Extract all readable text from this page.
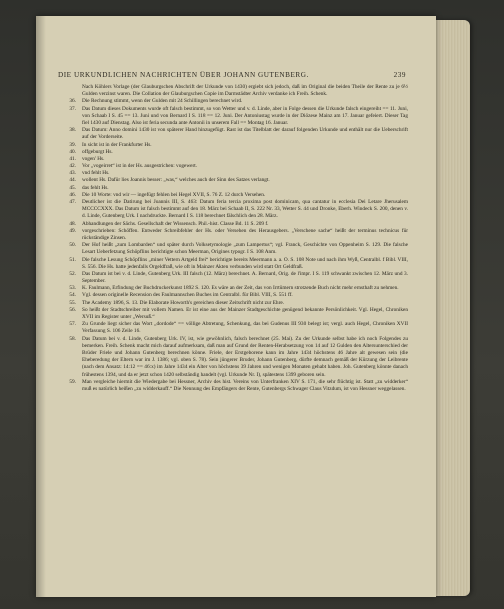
DIE URKUNDLICHEN NACHRICHTEN ÜBER JOHANN GUTENBERG.	239

Nach Köhlers Vorlage (der Glauburgschen Abschrift der Urkunde von 1430) ergiebt sich jedoch, daß im Original die beiden Theile der Rente zu je 6½ Gulden verzinst waren. Die Collation der Glauburgschen Copie im Darmstädter Archiv verdanke ich Freih. Schenk.

36. Die Rechnung stimmt, wenn der Gulden mit 24 Schillingen berechnet wird.

37. Das Datum dieses Dokuments wurde oft falsch bestimmt, so von Wetter und v. d. Linde, aber in Folge dessen die Urkunde falsch eingereiht == 11. Juni, von Schaab I S. 45 == 13. Juni und von Bernard I S. 118 == 12. Juni. Der Antoniustag wurde in der Diözese Mainz am 17. Januar gefeiert. Dieser Tag fiel 1430 auf Dienstag. Also ist feria secunda ante Antonii in unserem Fall == Montag 16. Januar.

38. Das Datum: Anno domini 1430 ist von späterer Hand hinzugefügt. Rast ist das Titelblatt der darauf folgenden Urkunde und enthält nur die Ueberschrift auf der Vorderseite.

39. In sicht ist in der Frankfurter Hs.

40. offgeburgt Hs.

41. vogen' Hs.

42. Vor „vogeirret“ ist in der Hs. ausgestrichen: vogewert.

43. vnd fehlt Hs.

44. wollent Hs. Dafür lies Joannis besser: „was,“ welches auch der Sinn des Satzes verlangt.

45. das fehlt Hs.

46. Die 10 Worte: vnd wir — ingefügt fehlen bei Hegel XVII, S. 76 Z. 12 durch Versehen.

47. Deutlicher ist die Datirung bei Joannis III, S. 463: Datum feria tercia proxima post dominicam, qua cantatur in ecclesia Dei Letare Jherusalem MCCCCXXX. Das Datum ist falsch bestimmt auf den 18. März bei Schaab II, S. 222 Nr. 33, Wetter S. 44 und Dronke, Eberh. Windeck S. 200, denen v. d. Linde, Gutenberg Urk. I nachdruckte. Bernard I S. 118 berechnet fälschlich den 28. März.

48. Abhandlungen der Sächs. Gesellschaft der Wissensch. Phil.-hist. Classe Bd. 11 S. 209 f.

49. vorgeschrieben: Schöffen. Entweder Schreibfehler der Hs. oder Versehen des Herausgebers. „Verschene sache“ heißt der terminus technicus für rückständige Zinsen.

50. Der Hof heißt „zum Lombarden“ und später durch Volksetymologie „zum Lampertus“; vgl. Franck, Geschichte von Oppenheim S. 129. Die falsche Lesart Ueberfetzung Schöpflins berichtigte schon Meerman, Origines typogr. I S. 108 Anm.

51. Die falsche Lesung Schöpflins „miner Vettern Artgeld frei“ berichtigte bereits Meermann a. a. O. S. 108 Note und nach ihm Wyß, Centralbl. f Bibl. VIII, S. 556. Die Hs. hatte jedenfalls Orgeldfraß, wie oft in Mainzer Akten verbunden wird statt Ort Geldfraß.

52. Das Datum ist bei v. d. Linde, Gutenberg Urk. III falsch (12. März) berechnet. A. Bernard, Orig. de l'impr. I S. 119 schwankt zwischen 12. März und 3. September.

53. K. Faulmann, Erfindung der Buchdruckerkunst 1892 S. 120. Es wäre an der Zeit, das von Irrtümern strotzende Buch nicht mehr ernsthaft zu nehmen.

54. Vgl. dessen originelle Recension des Faulmannschen Buches im Centralbl. für Bibl. VIII, S. 551 ff.

55. The Academy 1896, S. 13. Die Elaborate Howorth's gereichen dieser Zeitschrift nicht zur Ehre.

56. So heißt der Stadtschreiber mit vollem Namen. Er ist eine aus der Mainzer Stadtgeschichte genügend bekannte Persönlichkeit. Vgl. Hegel, Chroniken XVII im Register unter „Wersuß.“

57. Zu Grunde liegt sicher das Wort „dordode“ == völlige Abtretung, Schenkung, das bei Gudenus III 930 belegt ist; vergl. auch Hegel, Chroniken XVII Verfassung S. 106 Zeile 16.

58. Das Datum bei v. d. Linde, Gutenberg Urk. IV, ist, wie gewöhnlich, falsch berechnet (25. Mai). Zu der Urkunde selbst habe ich noch Folgendes zu bemerken. Freih. Schenk macht mich darauf aufmerksam, daß man auf Grund der Renten-Herabsetzung von 14 auf 12 Gulden den Altersunterschied der Brüder Friele und Johann Gutenberg berechnen könne. Friele, der Erstgeborene kann im Jahre 1434 höchstens 46 Jahre alt gewesen sein (die Eheberedung der Eltern war im J. 1386; vgl. oben S. 78). Sein jüngerer Bruder, Johann Gutenberg, dürfte demnach gemäß der Kürzung der Leibrente (nach dem Ansatz: 14:12 == 46:x) im Jahre 1434 ein Alter von höchstens 39 Jahren und wenigen Monaten gehabt haben. Joh. Gutenberg könnte danach frühestens 1394, und da er jetzt schon 1420 selbständig handelt (vgl. Urkunde Nr. I), spätestens 1399 geboren sein.

59. Man vergleiche hiermit die Wiedergabe bei Hessner, Archiv des hist. Vereins von Unterfranken XIV S. 171, die sehr flüchtig ist. Statt „zu widderker“ muß es natürlich heißen „zu widderkauff.“ Die Nennung des Empfängers der Rente, Gutenbergs Schwager Claus Vitzdum, ist von Hessner weggelassen.
